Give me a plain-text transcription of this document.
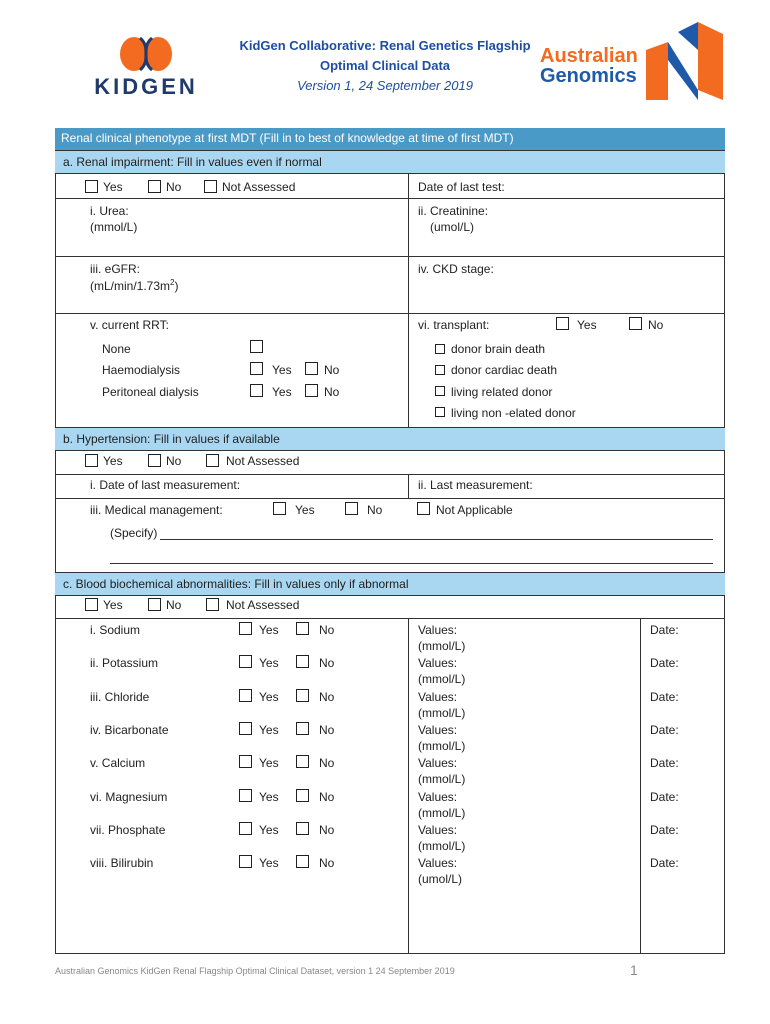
KIDGEN
KidGen Collaborative: Renal Genetics Flagship
Optimal Clinical Data
Version 1, 24 September 2019
Australian
Genomics
Renal clinical phenotype at first MDT (Fill in to best of knowledge at time of first MDT)
a. Renal impairment: Fill in values even if normal
Yes	No	Not Assessed	Date of last test:
i. Urea:
(mmol/L)
ii. Creatinine:
(umol/L)
iii. eGFR:
$(mL/\min/1.73m^2)$
iv. CKD stage:
v. current RRT:	vi. transplant:	Yes	No
None
Haemodialysis	Yes	No
Peritoneal dialysis	Yes	No
donor brain death
donor cardiac death
living related donor
living non -elated donor
b. Hypertension: Fill in values if available
Yes	No	Not Assessed
i. Date of last measurement:	ii. Last measurement:
iii. Medical management:	Yes	No	Not Applicable
(Specify)
c. Blood biochemical abnormalities: Fill in values only if abnormal
Yes	No	Not Assessed
i. Sodium	Yes	No	Values:
(mmol/L)
Date:
ii. Potassium	Yes	No	Values:
(mmol/L)
Date:
iii. Chloride	Yes	No	Values:
(mmol/L)
Date:
iv. Bicarbonate	Yes	No	Values:
(mmol/L)
Date:
v. Calcium	Yes	No	Values:
(mmol/L)
Date:
vi. Magnesium	Yes	No	Values:
(mmol/L)
Date:
vii. Phosphate	Yes	No	Values:
(mmol/L)
Date:
viii. Bilirubin	Yes	No	Values:
(umol/L)
Date:
Australian Genomics KidGen Renal Flagship Optimal Clinical Dataset, version 1 24 September 2019	1
